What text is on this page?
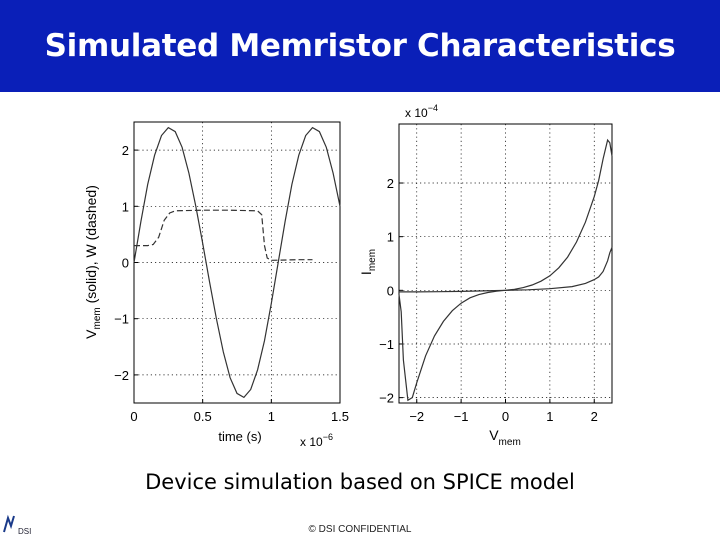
Simulated Memristor Characteristics
0	0.5	1	1.5
−2
−1
0
1
2
time (s)	x $10^{-6}$
$V_{mem}$ (solid), W (dashed)
−2 −1	0	1	2
−2
−1
0
1
2
x $10^{-4}$
$V_{mem}$
$I_{mem}$
Device simulation based on SPICE model
DSI	© DSI CONFIDENTIAL
